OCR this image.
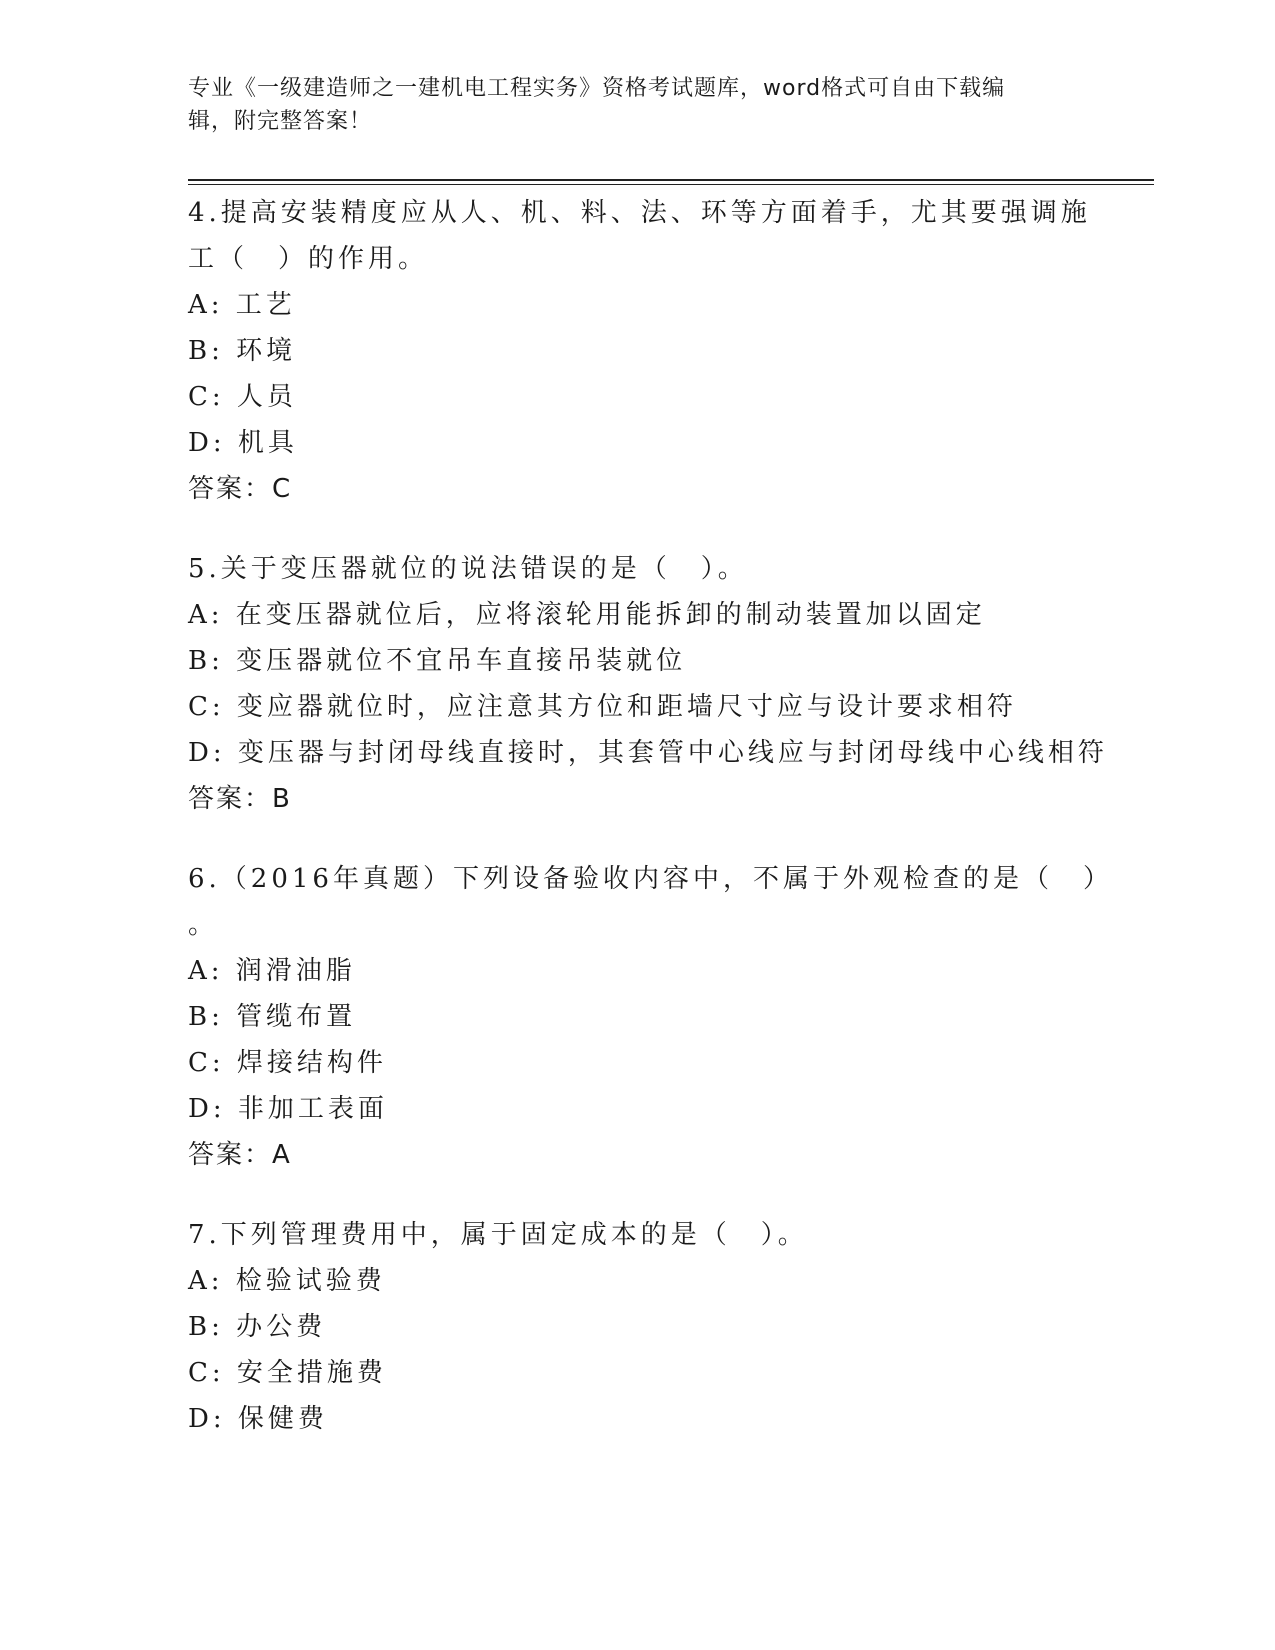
专业《一级建造师之一建机电工程实务》资格考试题库，word格式可自由下载编
辑，附完整答案！

4.提高安装精度应从人、机、料、法、环等方面着手，尤其要强调施

工（　）的作用。

A: 工艺

B: 环境

C: 人员

D: 机具

答案：C

5.关于变压器就位的说法错误的是（　）。

A: 在变压器就位后，应将滚轮用能拆卸的制动装置加以固定

B: 变压器就位不宜吊车直接吊装就位

C: 变应器就位时，应注意其方位和距墙尺寸应与设计要求相符

D: 变压器与封闭母线直接时，其套管中心线应与封闭母线中心线相符

答案：B

6.（2016年真题）下列设备验收内容中，不属于外观检查的是（　）

。

A: 润滑油脂

B: 管缆布置

C: 焊接结构件

D: 非加工表面

答案：A

7.下列管理费用中，属于固定成本的是（　）。

A: 检验试验费

B: 办公费

C: 安全措施费

D: 保健费
